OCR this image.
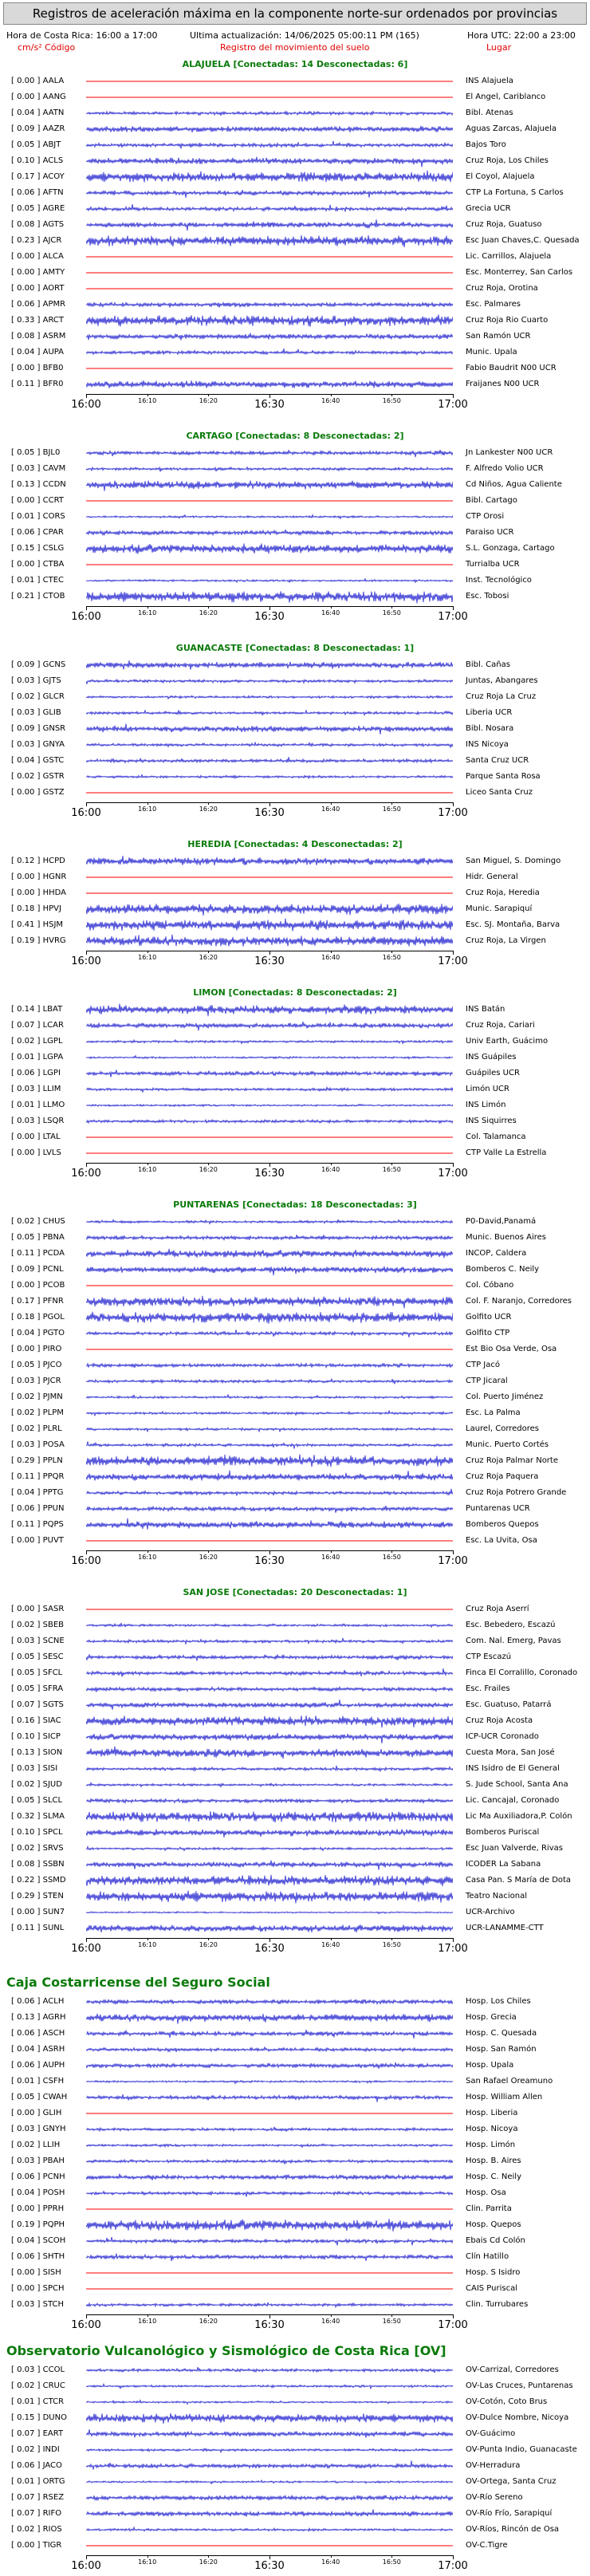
Registros de aceleración máxima en la componente norte-sur ordenados por provincias
Hora de Costa Rica: 16:00 a 17:00	Ultima actualización: 14/06/2025 05:00:11 PM (165)	Hora UTC: 22:00 a 23:00
cm/s² Código	Registro del movimiento del suelo	Lugar
ALAJUELA [Conectadas: 14 Desconectadas: 6]
[ 0.00 ] AALA	INS Alajuela
[ 0.00 ] AANG	El Angel, Cariblanco
[ 0.04 ] AATN	Bibl. Atenas
[ 0.09 ] AAZR	Aguas Zarcas, Alajuela
[ 0.05 ] ABJT	Bajos Toro
[ 0.10 ] ACLS	Cruz Roja, Los Chiles
[ 0.17 ] ACOY	El Coyol, Alajuela
[ 0.06 ] AFTN	CTP La Fortuna, S Carlos
[ 0.05 ] AGRE	Grecia UCR
[ 0.08 ] AGTS	Cruz Roja, Guatuso
[ 0.23 ] AJCR	Esc Juan Chaves,C. Quesada
[ 0.00 ] ALCA	Lic. Carrillos, Alajuela
[ 0.00 ] AMTY	Esc. Monterrey, San Carlos
[ 0.00 ] AORT	Cruz Roja, Orotina
[ 0.06 ] APMR	Esc. Palmares
[ 0.33 ] ARCT	Cruz Roja Rio Cuarto
[ 0.08 ] ASRM	San Ramón UCR
[ 0.04 ] AUPA	Munic. Upala
[ 0.00 ] BFB0	Fabio Baudrit N00 UCR
[ 0.11 ] BFR0	Fraijanes N00 UCR
16:00	16:10	16:20	16:30	16:40	16:50	17:00
CARTAGO [Conectadas: 8 Desconectadas: 2]
[ 0.05 ] BJL0	Jn Lankester N00 UCR
[ 0.03 ] CAVM	F. Alfredo Volio UCR
[ 0.13 ] CCDN	Cd Niños, Agua Caliente
[ 0.00 ] CCRT	Bibl. Cartago
[ 0.01 ] CORS	CTP Orosi
[ 0.06 ] CPAR	Paraiso UCR
[ 0.15 ] CSLG	S.L. Gonzaga, Cartago
[ 0.00 ] CTBA	Turrialba UCR
[ 0.01 ] CTEC	Inst. Tecnológico
[ 0.21 ] CTOB	Esc. Tobosi
16:00	16:10	16:20	16:30	16:40	16:50	17:00
GUANACASTE [Conectadas: 8 Desconectadas: 1]
[ 0.09 ] GCNS	Bibl. Cañas
[ 0.03 ] GJTS	Juntas, Abangares
[ 0.02 ] GLCR	Cruz Roja La Cruz
[ 0.03 ] GLIB	Liberia UCR
[ 0.09 ] GNSR	Bibl. Nosara
[ 0.03 ] GNYA	INS Nicoya
[ 0.04 ] GSTC	Santa Cruz UCR
[ 0.02 ] GSTR	Parque Santa Rosa
[ 0.00 ] GSTZ	Liceo Santa Cruz
16:00	16:10	16:20	16:30	16:40	16:50	17:00
HEREDIA [Conectadas: 4 Desconectadas: 2]
[ 0.12 ] HCPD	San Miguel, S. Domingo
[ 0.00 ] HGNR	Hidr. General
[ 0.00 ] HHDA	Cruz Roja, Heredia
[ 0.18 ] HPVJ	Munic. Sarapiquí
[ 0.41 ] HSJM	Esc. SJ. Montaña, Barva
[ 0.19 ] HVRG	Cruz Roja, La Virgen
16:00	16:10	16:20	16:30	16:40	16:50	17:00
LIMON [Conectadas: 8 Desconectadas: 2]
[ 0.14 ] LBAT	INS Batán
[ 0.07 ] LCAR	Cruz Roja, Cariari
[ 0.02 ] LGPL	Univ Earth, Guácimo
[ 0.01 ] LGPA	INS Guápiles
[ 0.06 ] LGPI	Guápiles UCR
[ 0.03 ] LLIM	Limón UCR
[ 0.01 ] LLMO	INS Limón
[ 0.03 ] LSQR	INS Siquirres
[ 0.00 ] LTAL	Col. Talamanca
[ 0.00 ] LVLS	CTP Valle La Estrella
16:00	16:10	16:20	16:30	16:40	16:50	17:00
PUNTARENAS [Conectadas: 18 Desconectadas: 3]
[ 0.02 ] CHUS	P0-David,Panamá
[ 0.05 ] PBNA	Munic. Buenos Aires
[ 0.11 ] PCDA	INCOP, Caldera
[ 0.09 ] PCNL	Bomberos C. Neily
[ 0.00 ] PCOB	Col. Cóbano
[ 0.17 ] PFNR	Col. F. Naranjo, Corredores
[ 0.18 ] PGOL	Golfito UCR
[ 0.04 ] PGTO	Golfito CTP
[ 0.00 ] PIRO	Est Bio Osa Verde, Osa
[ 0.05 ] PJCO	CTP Jacó
[ 0.03 ] PJCR	CTP Jicaral
[ 0.02 ] PJMN	Col. Puerto Jiménez
[ 0.02 ] PLPM	Esc. La Palma
[ 0.02 ] PLRL	Laurel, Corredores
[ 0.03 ] POSA	Munic. Puerto Cortés
[ 0.29 ] PPLN	Cruz Roja Palmar Norte
[ 0.11 ] PPQR	Cruz Roja Paquera
[ 0.04 ] PPTG	Cruz Roja Potrero Grande
[ 0.06 ] PPUN	Puntarenas UCR
[ 0.11 ] PQPS	Bomberos Quepos
[ 0.00 ] PUVT	Esc. La Uvita, Osa
16:00	16:10	16:20	16:30	16:40	16:50	17:00
SAN JOSE [Conectadas: 20 Desconectadas: 1]
[ 0.00 ] SASR	Cruz Roja Aserrí
[ 0.02 ] SBEB	Esc. Bebedero, Escazú
[ 0.03 ] SCNE	Com. Nal. Emerg, Pavas
[ 0.05 ] SESC	CTP Escazú
[ 0.05 ] SFCL	Finca El Corralillo, Coronado
[ 0.05 ] SFRA	Esc. Frailes
[ 0.07 ] SGTS	Esc. Guatuso, Patarrá
[ 0.16 ] SIAC	Cruz Roja Acosta
[ 0.10 ] SICP	ICP-UCR Coronado
[ 0.13 ] SION	Cuesta Mora, San José
[ 0.03 ] SISI	INS Isidro de El General
[ 0.02 ] SJUD	S. Jude School, Santa Ana
[ 0.05 ] SLCL	Lic. Cancajal, Coronado
[ 0.32 ] SLMA	Lic Ma Auxiliadora,P. Colón
[ 0.10 ] SPCL	Bomberos Puriscal
[ 0.02 ] SRVS	Esc Juan Valverde, Rivas
[ 0.08 ] SSBN	ICODER La Sabana
[ 0.22 ] SSMD	Casa Pan. S María de Dota
[ 0.29 ] STEN	Teatro Nacional
[ 0.00 ] SUN7	UCR-Archivo
[ 0.11 ] SUNL	UCR-LANAMME-CTT
16:00	16:10	16:20	16:30	16:40	16:50	17:00
Caja Costarricense del Seguro Social
[ 0.06 ] ACLH	Hosp. Los Chiles
[ 0.13 ] AGRH	Hosp. Grecia
[ 0.06 ] ASCH	Hosp. C. Quesada
[ 0.04 ] ASRH	Hosp. San Ramón
[ 0.06 ] AUPH	Hosp. Upala
[ 0.01 ] CSFH	San Rafael Oreamuno
[ 0.05 ] CWAH	Hosp. William Allen
[ 0.00 ] GLIH	Hosp. Liberia
[ 0.03 ] GNYH	Hosp. Nicoya
[ 0.02 ] LLIH	Hosp. Limón
[ 0.03 ] PBAH	Hosp. B. Aires
[ 0.06 ] PCNH	Hosp. C. Neily
[ 0.04 ] POSH	Hosp. Osa
[ 0.00 ] PPRH	Clin. Parrita
[ 0.19 ] PQPH	Hosp. Quepos
[ 0.04 ] SCOH	Ebais Cd Colón
[ 0.06 ] SHTH	Clín Hatillo
[ 0.00 ] SISH	Hosp. S Isidro
[ 0.00 ] SPCH	CAIS Puriscal
[ 0.03 ] STCH	Clin. Turrubares
16:00	16:10	16:20	16:30	16:40	16:50	17:00
Observatorio Vulcanológico y Sismológico de Costa Rica [OV]
[ 0.03 ] CCOL	OV-Carrizal, Corredores
[ 0.02 ] CRUC	OV-Las Cruces, Puntarenas
[ 0.01 ] CTCR	OV-Cotón, Coto Brus
[ 0.15 ] DUNO	OV-Dulce Nombre, Nicoya
[ 0.07 ] EART	OV-Guácimo
[ 0.02 ] INDI	OV-Punta Indio, Guanacaste
[ 0.06 ] JACO	OV-Herradura
[ 0.01 ] ORTG	OV-Ortega, Santa Cruz
[ 0.07 ] RSEZ	OV-Río Sereno
[ 0.07 ] RIFO	OV-Río Frío, Sarapiquí
[ 0.02 ] RIOS	OV-Ríos, Rincón de Osa
[ 0.00 ] TIGR	OV-C.Tigre
16:00	16:10	16:20	16:30	16:40	16:50	17:00
